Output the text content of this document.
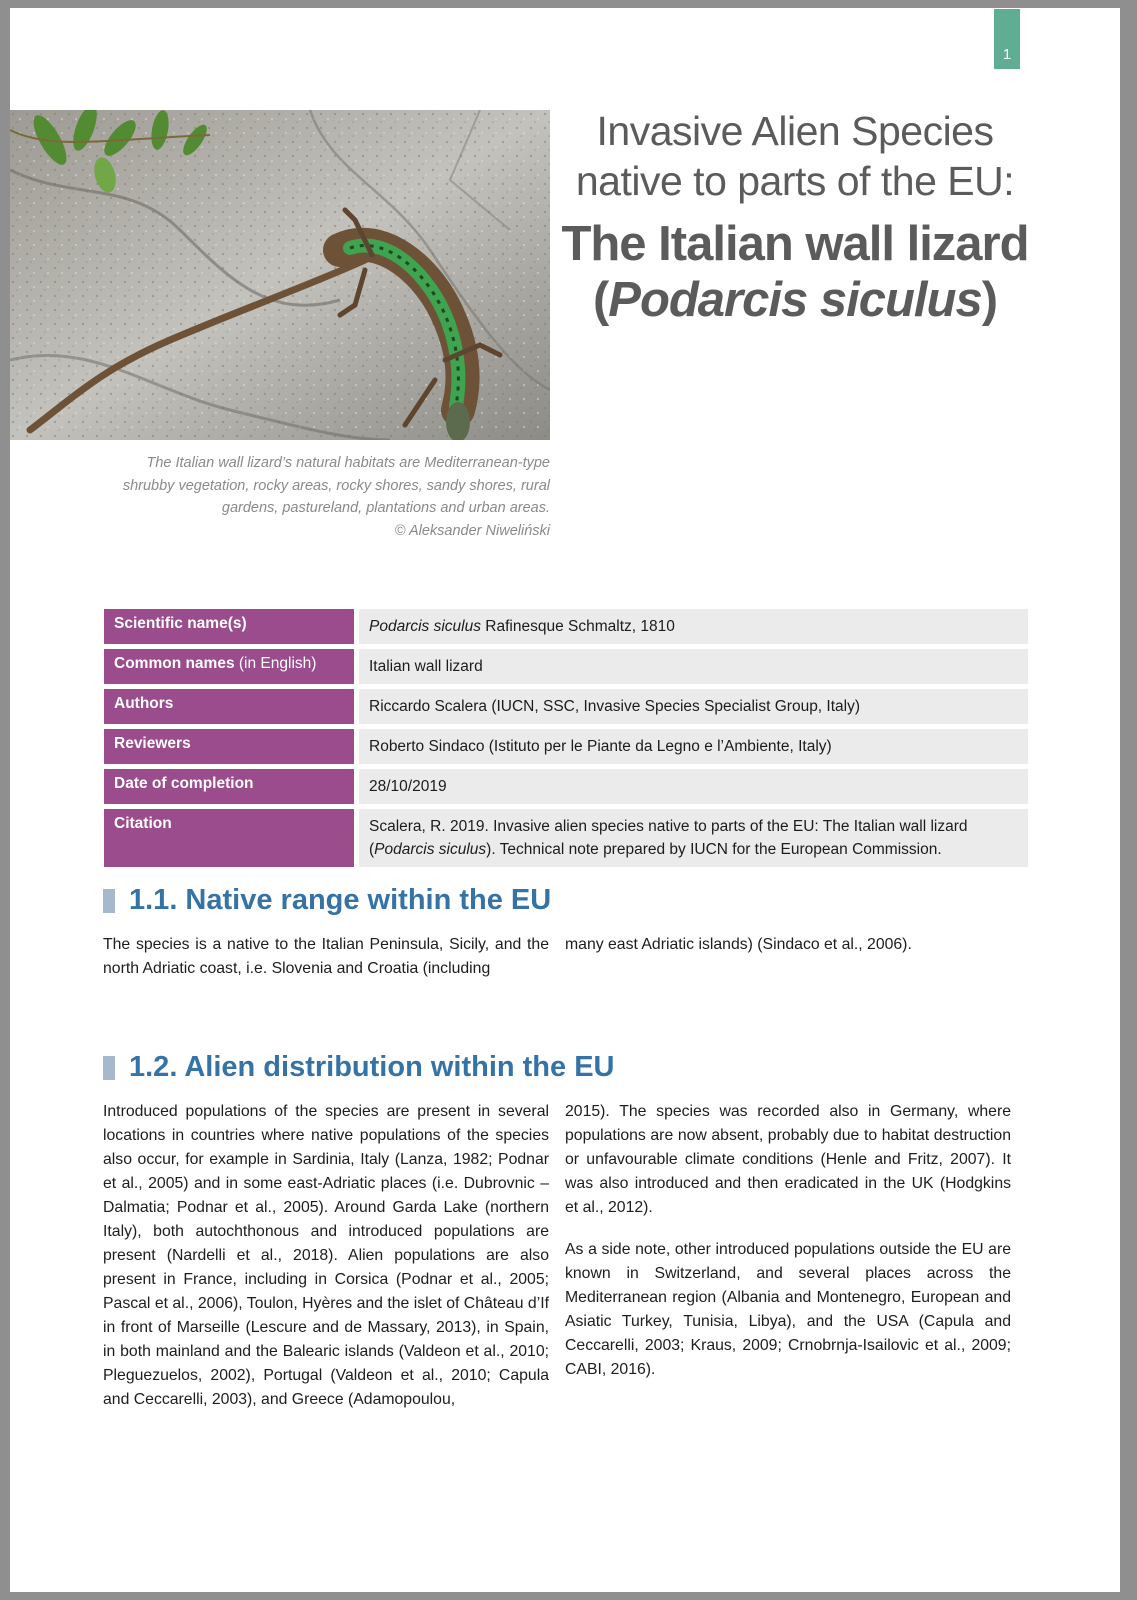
1
The Italian wall lizard’s natural habitats are Mediterranean-type
shrubby vegetation, rocky areas, rocky shores, sandy shores, rural
gardens, pastureland, plantations and urban areas.
© Aleksander Niweliński
Invasive Alien Species
native to parts of the EU:
The Italian wall lizard
(Podarcis siculus)
Scientific name(s)	Podarcis siculus Rafinesque Schmaltz, 1810
Common names (in English)	Italian wall lizard
Authors	Riccardo Scalera (IUCN, SSC, Invasive Species Specialist Group, Italy)
Reviewers	Roberto Sindaco (Istituto per le Piante da Legno e l’Ambiente, Italy)
Date of completion	28/10/2019
Citation	Scalera, R. 2019. Invasive alien species native to parts of the EU: The Italian wall lizard (Podarcis siculus). Technical note prepared by IUCN for the European Commission.
1.1. Native range within the EU
The species is a native to the Italian Peninsula, Sicily, and the north Adriatic coast, i.e. Slovenia and Croatia (including
many east Adriatic islands) (Sindaco et al., 2006).
1.2. Alien distribution within the EU
Introduced populations of the species are present in several locations in countries where native populations of the species also occur, for example in Sardinia, Italy (Lanza, 1982; Podnar et al., 2005) and in some east-Adriatic places (i.e. Dubrovnic – Dalmatia; Podnar et al., 2005). Around Garda Lake (northern Italy), both autochthonous and introduced populations are present (Nardelli et al., 2018). Alien populations are also present in France, including in Corsica (Podnar et al., 2005; Pascal et al., 2006), Toulon, Hyères and the islet of Château d’If in front of Marseille (Lescure and de Massary, 2013), in Spain, in both mainland and the Balearic islands (Valdeon et al., 2010; Pleguezuelos, 2002), Portugal (Valdeon et al., 2010; Capula and Ceccarelli, 2003), and Greece (Adamopoulou,

2015). The species was recorded also in Germany, where populations are now absent, probably due to habitat destruction or unfavourable climate conditions (Henle and Fritz, 2007). It was also introduced and then eradicated in the UK (Hodgkins et al., 2012).

As a side note, other introduced populations outside the EU are known in Switzerland, and several places across the Mediterranean region (Albania and Montenegro, European and Asiatic Turkey, Tunisia, Libya), and the USA (Capula and Ceccarelli, 2003; Kraus, 2009; Crnobrnja-Isailovic et al., 2009; CABI, 2016).
